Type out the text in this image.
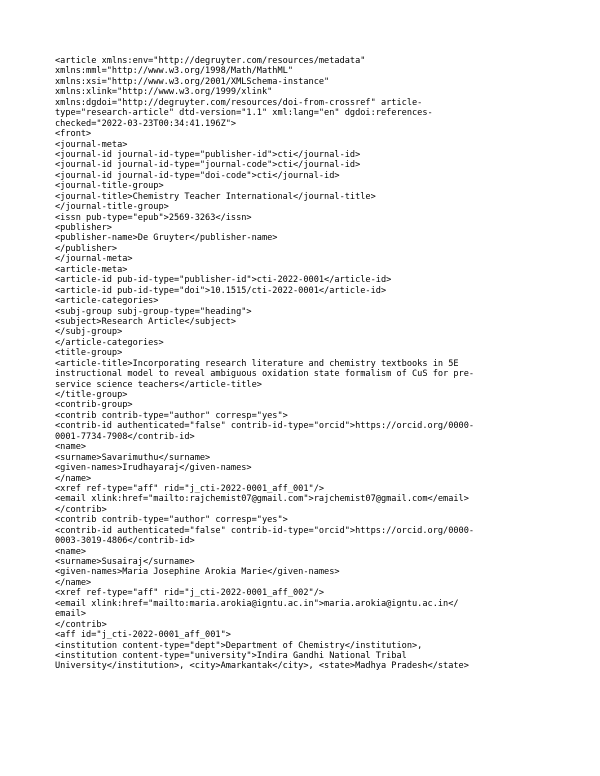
<article xmlns:env="http://degruyter.com/resources/metadata"
xmlns:mml="http://www.w3.org/1998/Math/MathML"
xmlns:xsi="http://www.w3.org/2001/XMLSchema-instance"
xmlns:xlink="http://www.w3.org/1999/xlink"
xmlns:dgdoi="http://degruyter.com/resources/doi-from-crossref" article-
type="research-article" dtd-version="1.1" xml:lang="en" dgdoi:references-
checked="2022-03-23T00:34:41.196Z">
<front>
<journal-meta>
<journal-id journal-id-type="publisher-id">cti</journal-id>
<journal-id journal-id-type="journal-code">cti</journal-id>
<journal-id journal-id-type="doi-code">cti</journal-id>
<journal-title-group>
<journal-title>Chemistry Teacher International</journal-title>
</journal-title-group>
<issn pub-type="epub">2569-3263</issn>
<publisher>
<publisher-name>De Gruyter</publisher-name>
</publisher>
</journal-meta>
<article-meta>
<article-id pub-id-type="publisher-id">cti-2022-0001</article-id>
<article-id pub-id-type="doi">10.1515/cti-2022-0001</article-id>
<article-categories>
<subj-group subj-group-type="heading">
<subject>Research Article</subject>
</subj-group>
</article-categories>
<title-group>
<article-title>Incorporating research literature and chemistry textbooks in 5E
instructional model to reveal ambiguous oxidation state formalism of CuS for pre-
service science teachers</article-title>
</title-group>
<contrib-group>
<contrib contrib-type="author" corresp="yes">
<contrib-id authenticated="false" contrib-id-type="orcid">https://orcid.org/0000-
0001-7734-7908</contrib-id>
<name>
<surname>Savarimuthu</surname>
<given-names>Irudhayaraj</given-names>
</name>
<xref ref-type="aff" rid="j_cti-2022-0001_aff_001"/>
<email xlink:href="mailto:rajchemist07@gmail.com">rajchemist07@gmail.com</email>
</contrib>
<contrib contrib-type="author" corresp="yes">
<contrib-id authenticated="false" contrib-id-type="orcid">https://orcid.org/0000-
0003-3019-4806</contrib-id>
<name>
<surname>Susairaj</surname>
<given-names>Maria Josephine Arokia Marie</given-names>
</name>
<xref ref-type="aff" rid="j_cti-2022-0001_aff_002"/>
<email xlink:href="mailto:maria.arokia@igntu.ac.in">maria.arokia@igntu.ac.in</
email>
</contrib>
<aff id="j_cti-2022-0001_aff_001">
<institution content-type="dept">Department of Chemistry</institution>,
<institution content-type="university">Indira Gandhi National Tribal
University</institution>, <city>Amarkantak</city>, <state>Madhya Pradesh</state>
